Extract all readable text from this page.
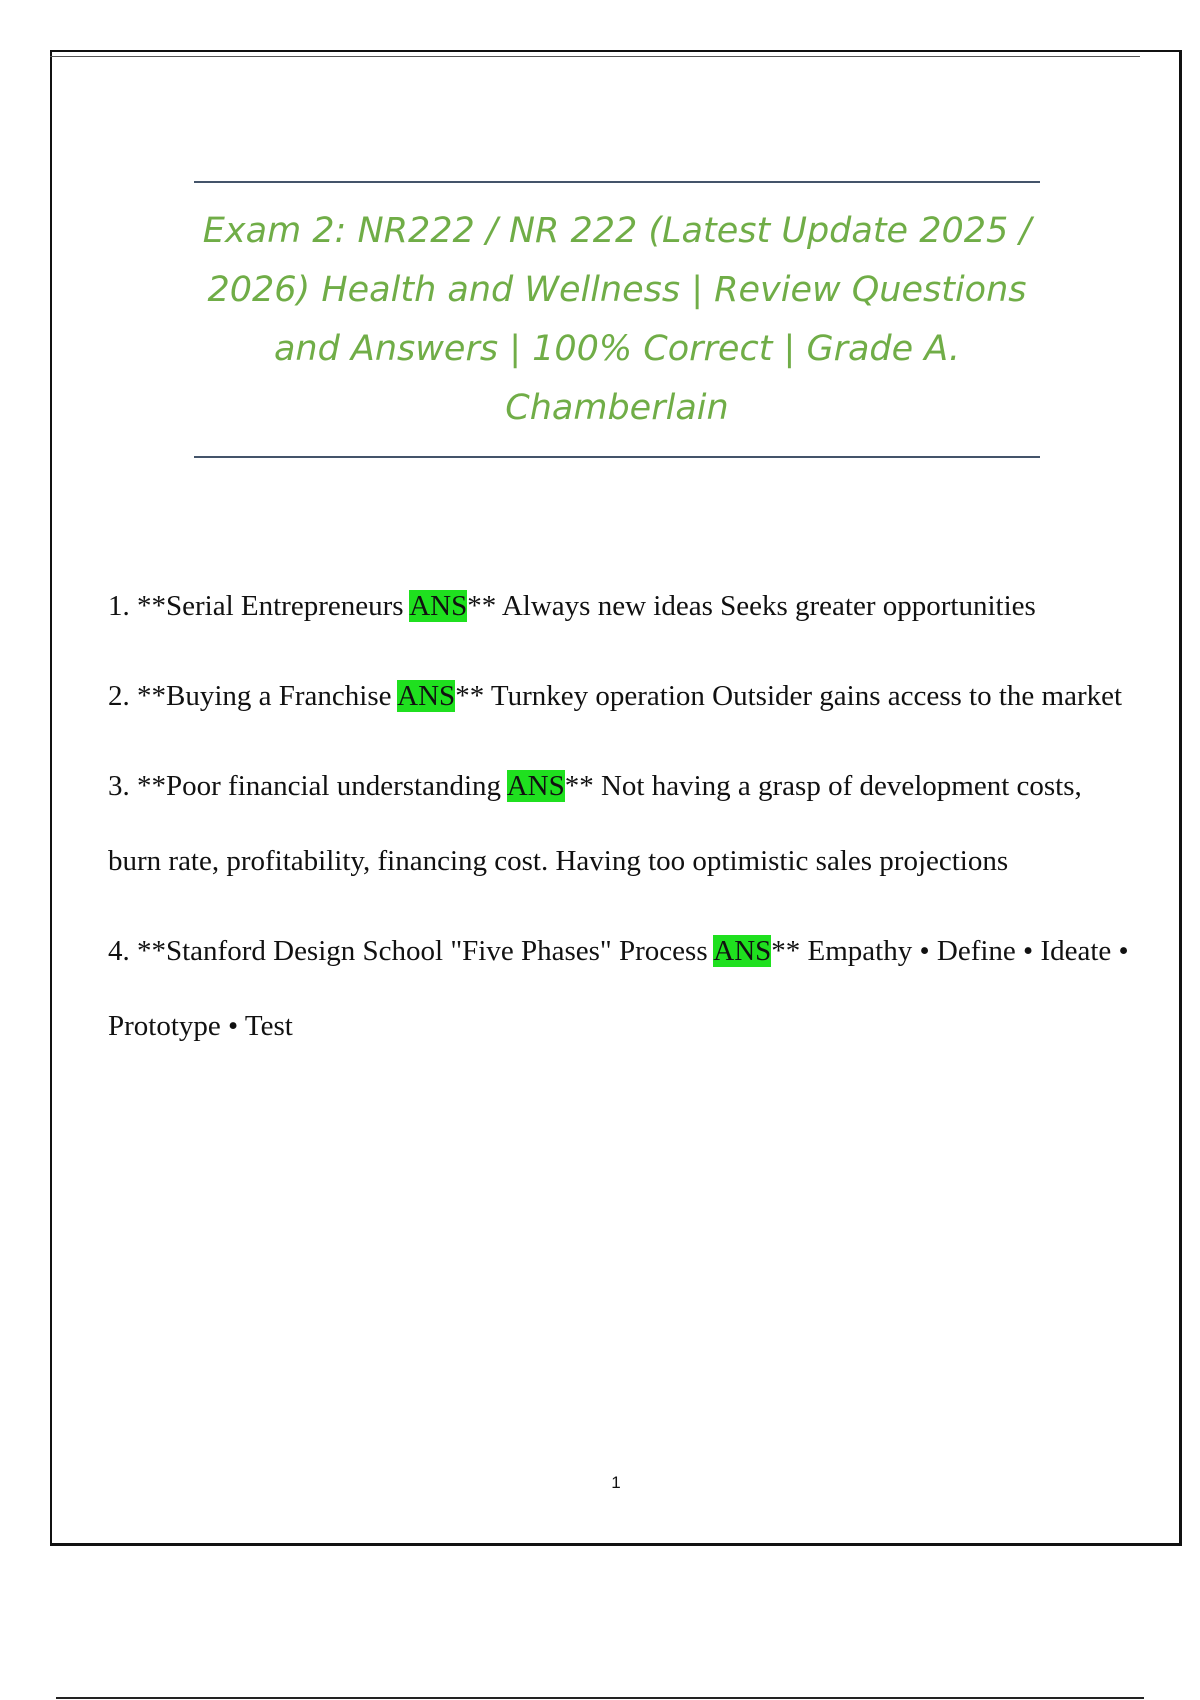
Exam 2: NR222 / NR 222 (Latest Update 2025 / 2026) Health and Wellness | Review Questions and Answers | 100% Correct | Grade A. Chamberlain

1. **Serial Entrepreneurs ANS** Always new ideas Seeks greater opportunities

2. **Buying a Franchise ANS** Turnkey operation Outsider gains access to the market

3. **Poor financial understanding ANS** Not having a grasp of development costs, burn rate, profitability, financing cost. Having too optimistic sales projections

4. **Stanford Design School "Five Phases" Process ANS** Empathy • Define • Ideate • Prototype • Test

1
